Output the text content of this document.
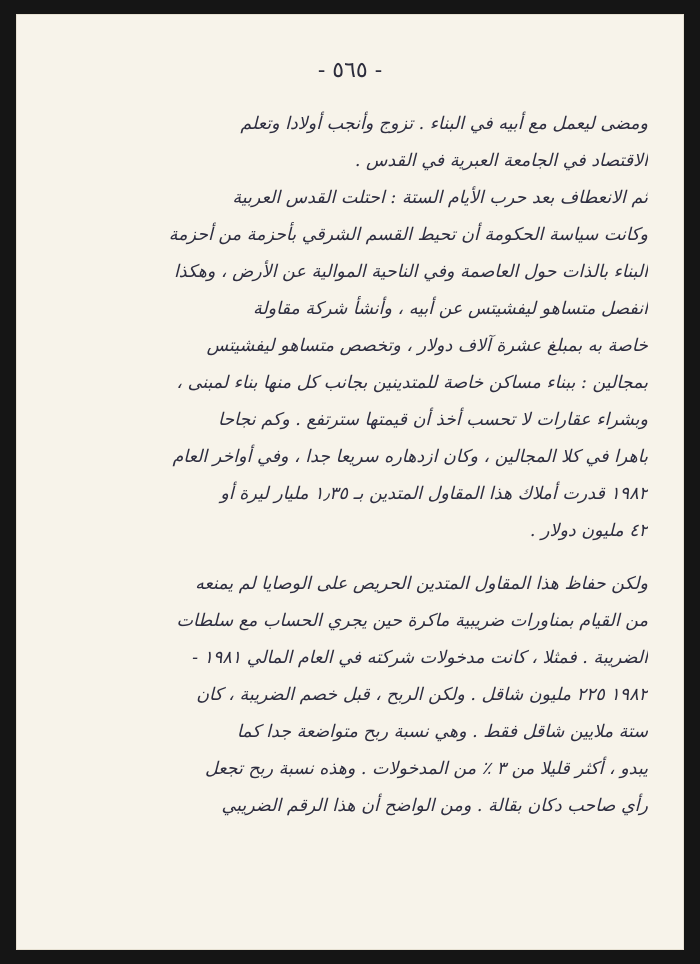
- ٥٦٥ -
ومضى ليعمل مع أبيه في البناء . تزوج وأنجب أولادا وتعلم
الاقتصاد في الجامعة العبرية في القدس .
ثم الانعطاف بعد حرب الأيام الستة : احتلت القدس العربية
وكانت سياسة الحكومة أن تحيط القسم الشرقي بأحزمة من أحزمة
البناء بالذات حول العاصمة وفي الناحية الموالية عن الأرض ، وهكذا
انفصل متساهو ليفشيتس عن أبيه ، وأنشأ شركة مقاولة
خاصة به بمبلغ عشرة آلاف دولار ، وتخصص متساهو ليفشيتس
بمجالين : ببناء مساكن خاصة للمتدينين بجانب كل منها بناء لمبنى ،
وبشراء عقارات لا تحسب أخذ أن قيمتها سترتفع . وكم نجاحا
باهرا في كلا المجالين ، وكان ازدهاره سريعا جدا ، وفي أواخر العام
١٩٨٢ قدرت أملاك هذا المقاول المتدين بـ ١٫٣٥ مليار ليرة أو
٤٢ مليون دولار .
ولكن حفاظ هذا المقاول المتدين الحريص على الوصايا لم يمنعه
من القيام بمناورات ضريبية ماكرة حين يجري الحساب مع سلطات
الضريبة . فمثلا ، كانت مدخولات شركته في العام المالي ١٩٨١ -
١٩٨٢ ٢٢٥ مليون شاقل . ولكن الربح ، قبل خصم الضريبة ، كان
ستة ملايين شاقل فقط . وهي نسبة ربح متواضعة جدا كما
يبدو ، أكثر قليلا من ٣ ٪ من المدخولات . وهذه نسبة ربح تجعل
رأي صاحب دكان بقالة . ومن الواضح أن هذا الرقم الضريبي
